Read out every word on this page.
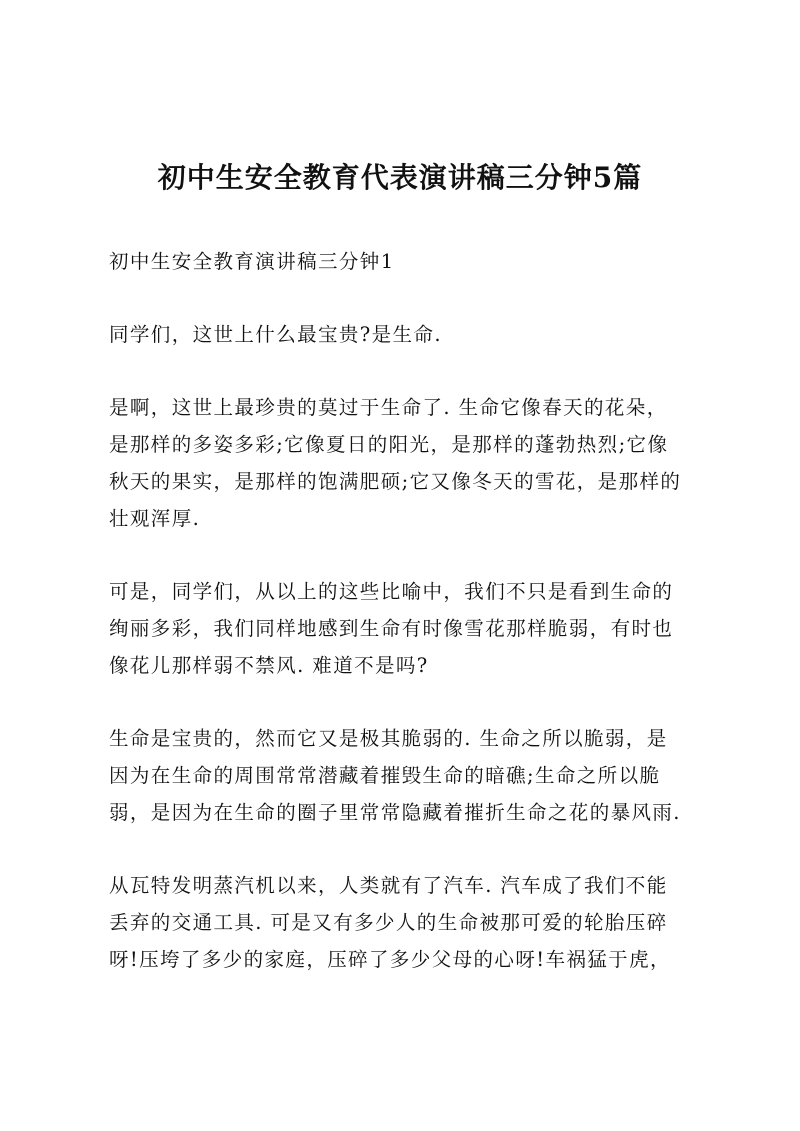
初中生安全教育代表演讲稿三分钟5篇

初中生安全教育演讲稿三分钟1

同学们，这世上什么最宝贵?是生命.

是啊，这世上最珍贵的莫过于生命了. 生命它像春天的花朵，
是那样的多姿多彩;它像夏日的阳光，是那样的蓬勃热烈;它像
秋天的果实，是那样的饱满肥硕;它又像冬天的雪花，是那样的
壮观浑厚.

可是，同学们，从以上的这些比喻中，我们不只是看到生命的
绚丽多彩，我们同样地感到生命有时像雪花那样脆弱，有时也
像花儿那样弱不禁风. 难道不是吗?

生命是宝贵的，然而它又是极其脆弱的. 生命之所以脆弱，是
因为在生命的周围常常潜藏着摧毁生命的暗礁;生命之所以脆
弱，是因为在生命的圈子里常常隐藏着摧折生命之花的暴风雨.

从瓦特发明蒸汽机以来，人类就有了汽车. 汽车成了我们不能
丢弃的交通工具. 可是又有多少人的生命被那可爱的轮胎压碎
呀!压垮了多少的家庭，压碎了多少父母的心呀!车祸猛于虎，
